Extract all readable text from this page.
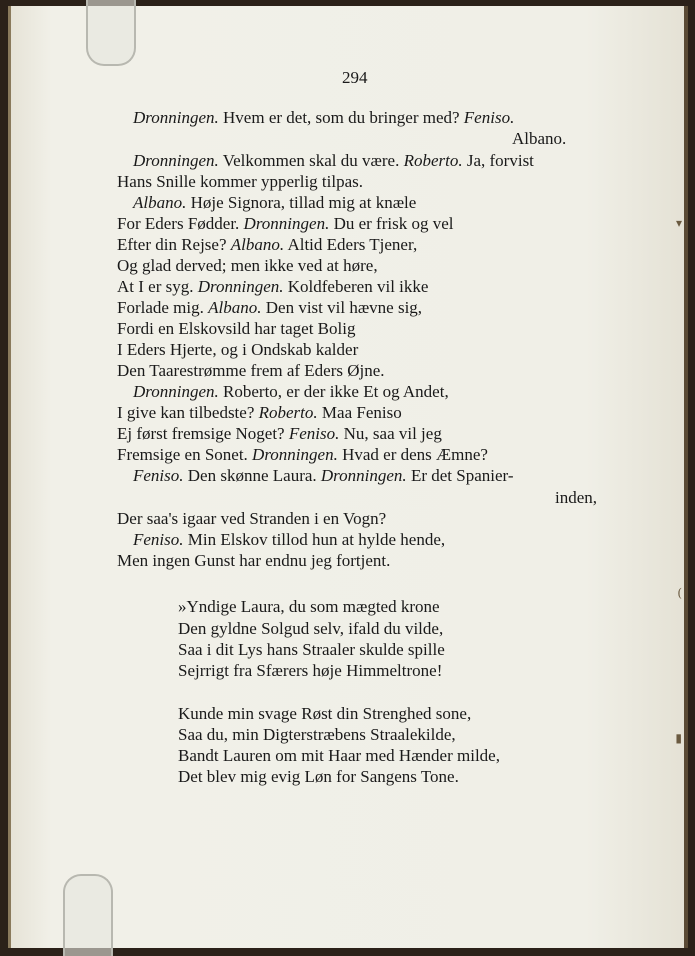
▾
(
▮
294
Dronningen. Hvem er det, som du bringer med? Feniso.
Albano.
Dronningen. Velkommen skal du være. Roberto. Ja, forvist
Hans Snille kommer ypperlig tilpas.
Albano. Høje Signora, tillad mig at knæle
For Eders Fødder. Dronningen. Du er frisk og vel
Efter din Rejse? Albano. Altid Eders Tjener,
Og glad derved; men ikke ved at høre,
At I er syg. Dronningen. Koldfeberen vil ikke
Forlade mig. Albano. Den vist vil hævne sig,
Fordi en Elskovsild har taget Bolig
I Eders Hjerte, og i Ondskab kalder
Den Taarestrømme frem af Eders Øjne.
Dronningen. Roberto, er der ikke Et og Andet,
I give kan tilbedste? Roberto. Maa Feniso
Ej først fremsige Noget? Feniso. Nu, saa vil jeg
Fremsige en Sonet. Dronningen. Hvad er dens Æmne?
Feniso. Den skønne Laura. Dronningen. Er det Spanier-
inden,
Der saa's igaar ved Stranden i en Vogn?
Feniso. Min Elskov tillod hun at hylde hende,
Men ingen Gunst har endnu jeg fortjent.
»Yndige Laura, du som mægted krone
Den gyldne Solgud selv, ifald du vilde,
Saa i dit Lys hans Straaler skulde spille
Sejrrigt fra Sfærers høje Himmeltrone!
Kunde min svage Røst din Strenghed sone,
Saa du, min Digterstræbens Straalekilde,
Bandt Lauren om mit Haar med Hænder milde,
Det blev mig evig Løn for Sangens Tone.
